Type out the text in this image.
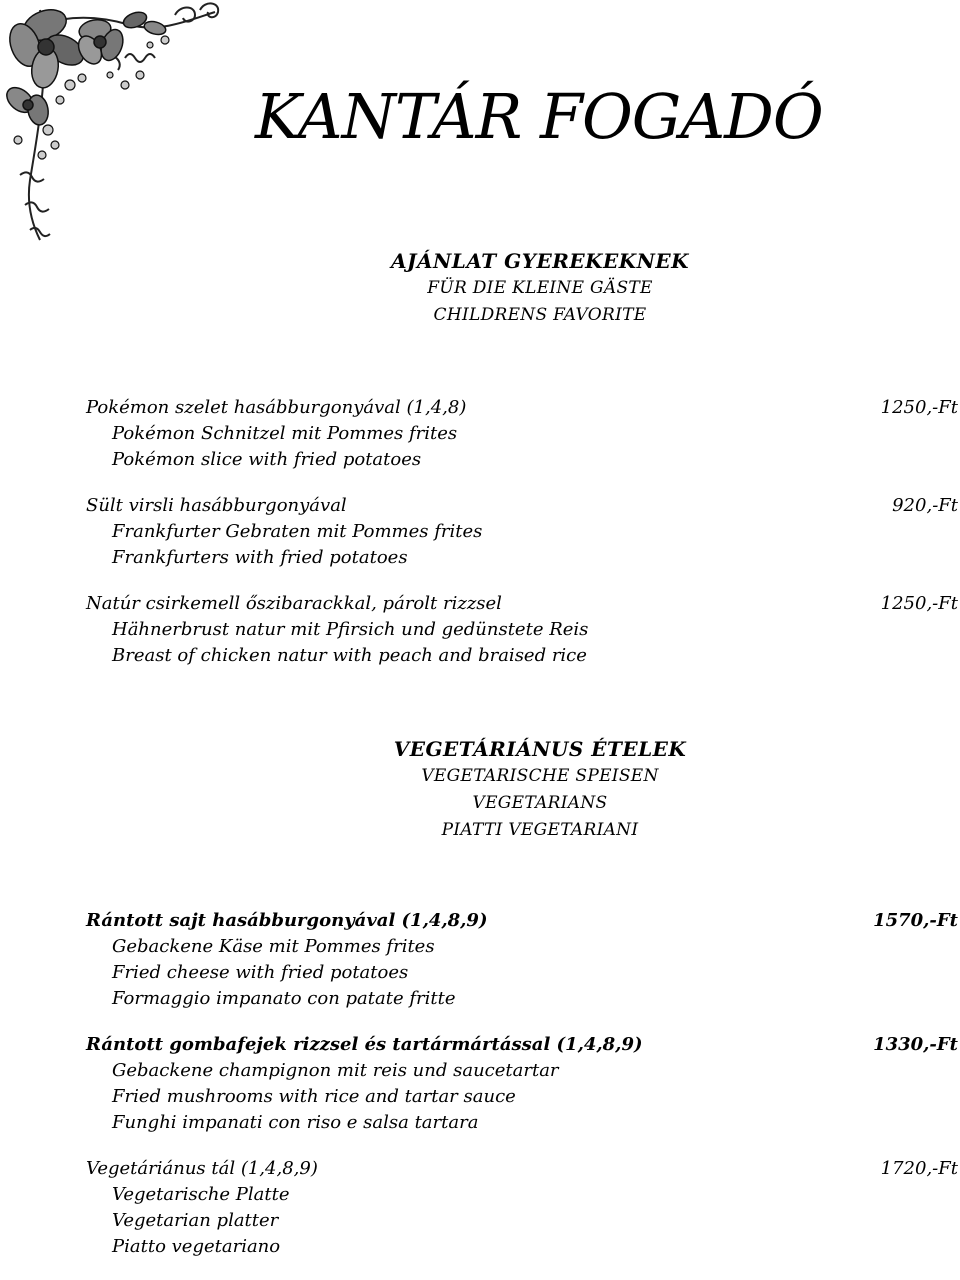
KANTÁR FOGADÓ
AJÁNLAT GYEREKEKNEK
FÜR DIE KLEINE GÄSTE
CHILDRENS FAVORITE
Pokémon szelet hasábburgonyával (1,4,8)
Pokémon Schnitzel mit Pommes frites
Pokémon slice with fried potatoes
1250,-Ft
Sült virsli hasábburgonyával
Frankfurter Gebraten mit Pommes frites
Frankfurters with fried potatoes
920,-Ft
Natúr csirkemell őszibarackkal, párolt rizzsel
Hähnerbrust natur mit Pfirsich und gedünstete Reis
Breast of chicken natur with peach and braised rice
1250,-Ft
VEGETÁRIÁNUS ÉTELEK
VEGETARISCHE SPEISEN
VEGETARIANS
PIATTI VEGETARIANI
Rántott sajt hasábburgonyával (1,4,8,9)
Gebackene Käse mit Pommes frites
Fried cheese with fried potatoes
Formaggio impanato con patate fritte
1570,-Ft
Rántott gombafejek rizzsel és tartármártással (1,4,8,9)
Gebackene champignon mit reis und saucetartar
Fried mushrooms with rice and tartar sauce
Funghi impanati con riso e salsa tartara
1330,-Ft
Vegetáriánus tál (1,4,8,9)
Vegetarische Platte
Vegetarian platter
Piatto vegetariano
1720,-Ft
